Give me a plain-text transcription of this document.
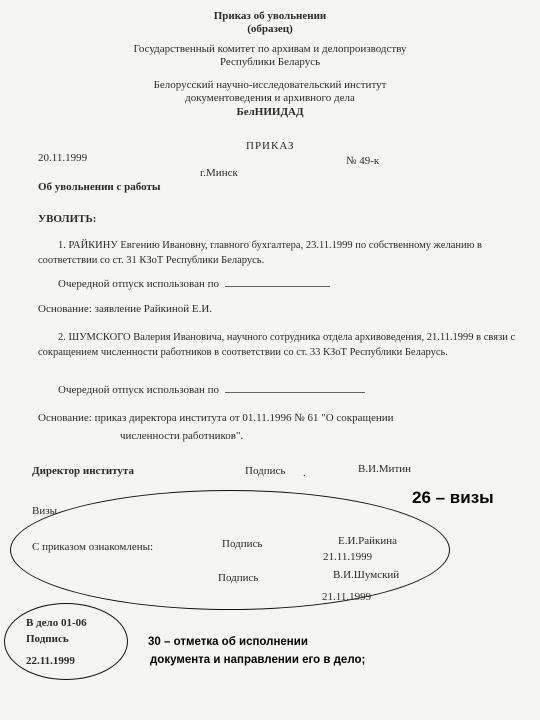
Приказ об увольнении
(образец)
Государственный комитет по архивам и делопроизводству
Республики Беларусь
Белорусский научно-исследовательский институт
документоведения и архивного дела
БелНИИДАД
ПРИКАЗ
20.11.1999	№ 49-к
г.Минск
Об увольнении с работы
УВОЛИТЬ:
1. РАЙКИНУ Евгению Ивановну, главного бухгалтера, 23.11.1999 по собственному желанию в соответствии со ст. 31 КЗоТ Республики Беларусь.
Очередной отпуск использован по
Основание: заявление Райкиной Е.И.
2. ШУМСКОГО Валерия Ивановича, научного сотрудника отдела архивоведения, 21.11.1999 в связи с сокращением численности работников в соответствии со ст. 33 КЗоТ Республики Беларусь.
Очередной отпуск использован по
Основание: приказ директора института от 01.11.1996 № 61 "О сокращении
численности работников".
Директор института	Подпись .	В.И.Митин
Визы
26 – визы
С приказом ознакомлены:	Подпись	Е.И.Райкина
21.11.1999
Подпись	В.И.Шумский
21.11.1999
В дело 01-06
Подпись
22.11.1999
30 – отметка об исполнении
документа и направлении его в дело;
